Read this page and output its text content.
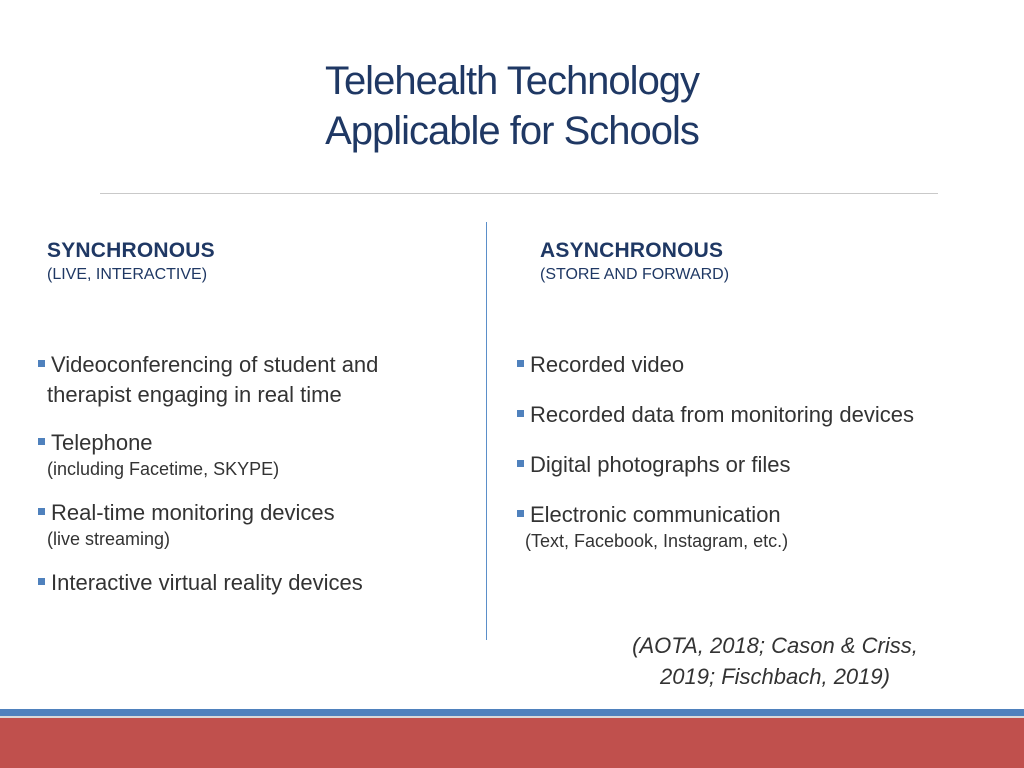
Telehealth Technology
Applicable for Schools
SYNCHRONOUS
(LIVE, INTERACTIVE)
Videoconferencing of student and
therapist engaging in real time
Telephone
(including Facetime, SKYPE)
Real-time monitoring devices
(live streaming)
Interactive virtual reality devices
ASYNCHRONOUS
(STORE AND FORWARD)
Recorded video
Recorded data from monitoring devices
Digital photographs or files
Electronic communication
(Text, Facebook, Instagram, etc.)
(AOTA, 2018; Cason & Criss,
2019; Fischbach, 2019)
